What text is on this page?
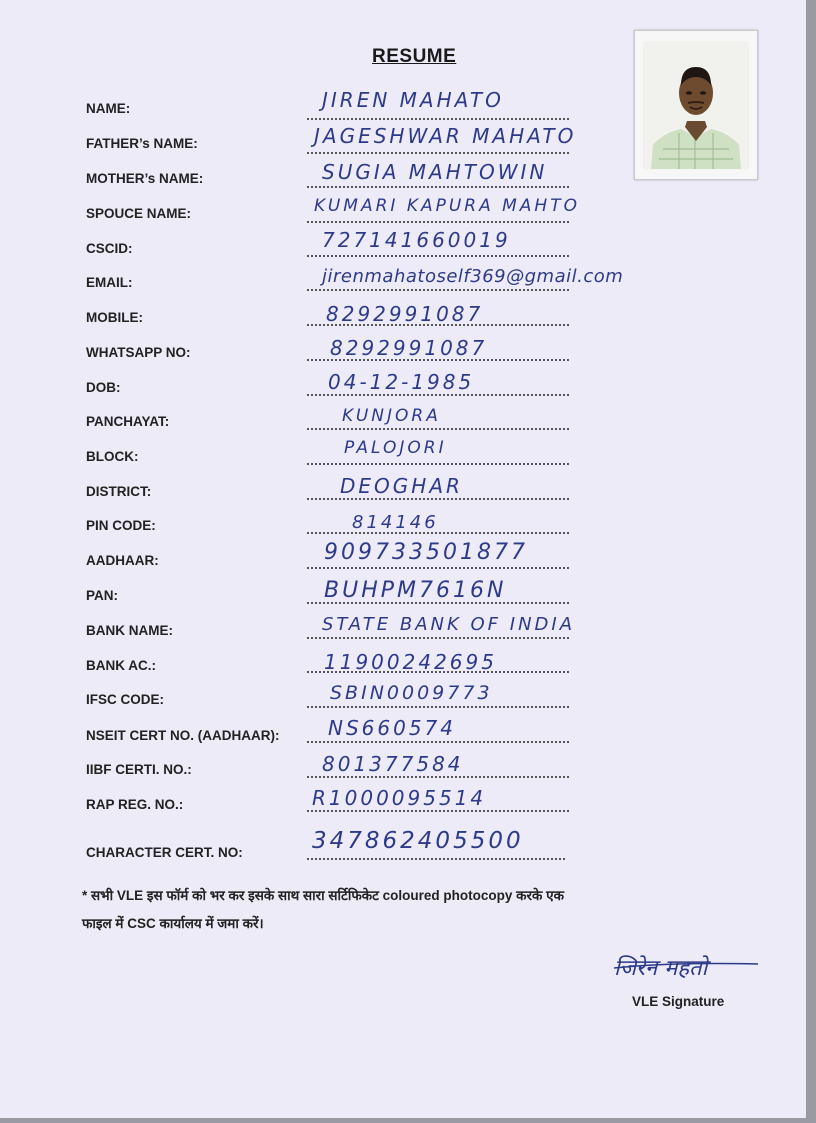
RESUME
NAME:	JIREN MAHATO
FATHER’s NAME:	JAGESHWAR MAHATO
MOTHER’s NAME:	SUGIA MAHTOWIN
SPOUCE NAME:	KUMARI KAPURA MAHTO
CSCID:	727141660019
EMAIL:	jirenmahatoself369@gmail.com
MOBILE:	8292991087
WHATSAPP NO:	8292991087
DOB:	04-12-1985
PANCHAYAT:	KUNJORA
BLOCK:	PALOJORI
DISTRICT:	DEOGHAR
PIN CODE:	814146
AADHAAR:	909733501877
PAN:	BUHPM7616N
BANK NAME:	STATE BANK OF INDIA
BANK AC.:	11900242695
IFSC CODE:	SBIN0009773
NSEIT CERT NO. (AADHAAR): NS660574
IIBF CERTI. NO.:	801377584
RAP REG. NO.:	R1000095514
CHARACTER CERT. NO:	347862405500
* सभी VLE इस फॉर्म को भर कर इसके साथ सारा सर्टिफिकेट coloured photocopy करके एक
फाइल में CSC कार्यालय में जमा करें।
जिरेन महतो
VLE Signature
